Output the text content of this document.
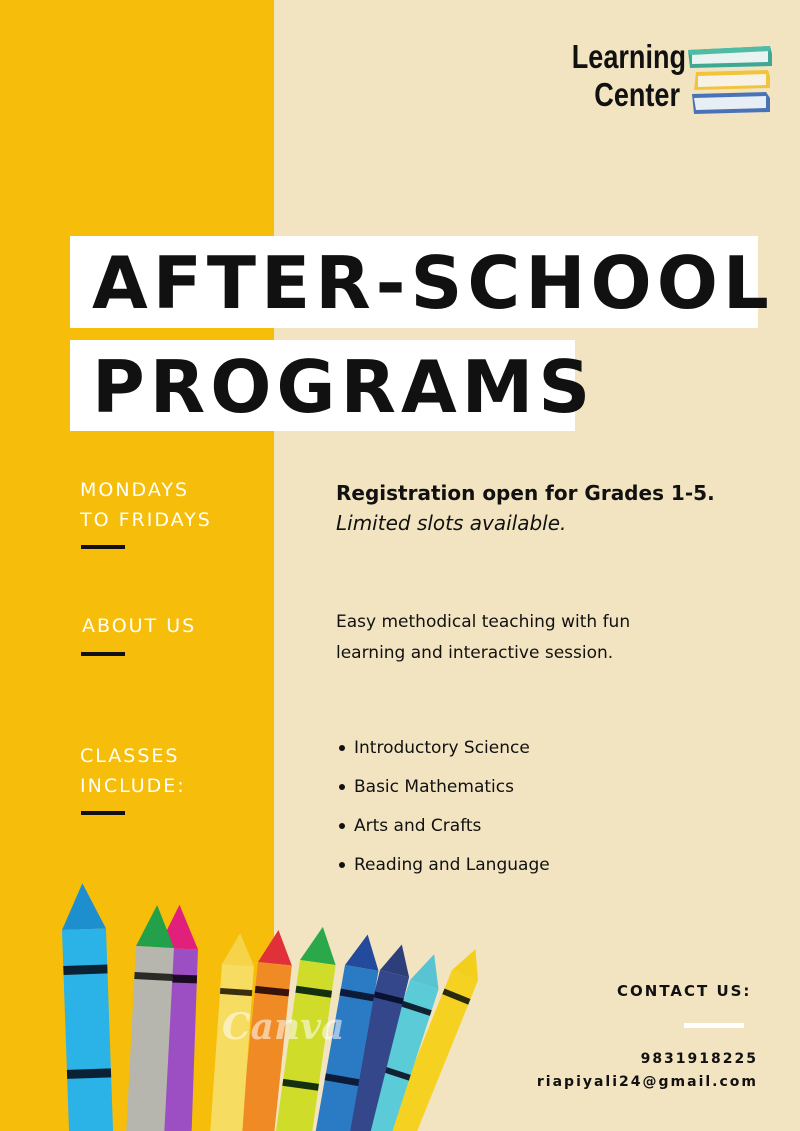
Learning
Center
AFTER-SCHOOL
PROGRAMS
MONDAYS
TO FRIDAYS
Registration open for Grades 1-5.
Limited slots available.
ABOUT US	Easy methodical teaching with fun
learning and interactive session.
CLASSES
INCLUDE:
Introductory Science
Basic Mathematics
Arts and Crafts
Reading and Language
Canva
CONTACT US:
9831918225
riapiyali24@gmail.com
